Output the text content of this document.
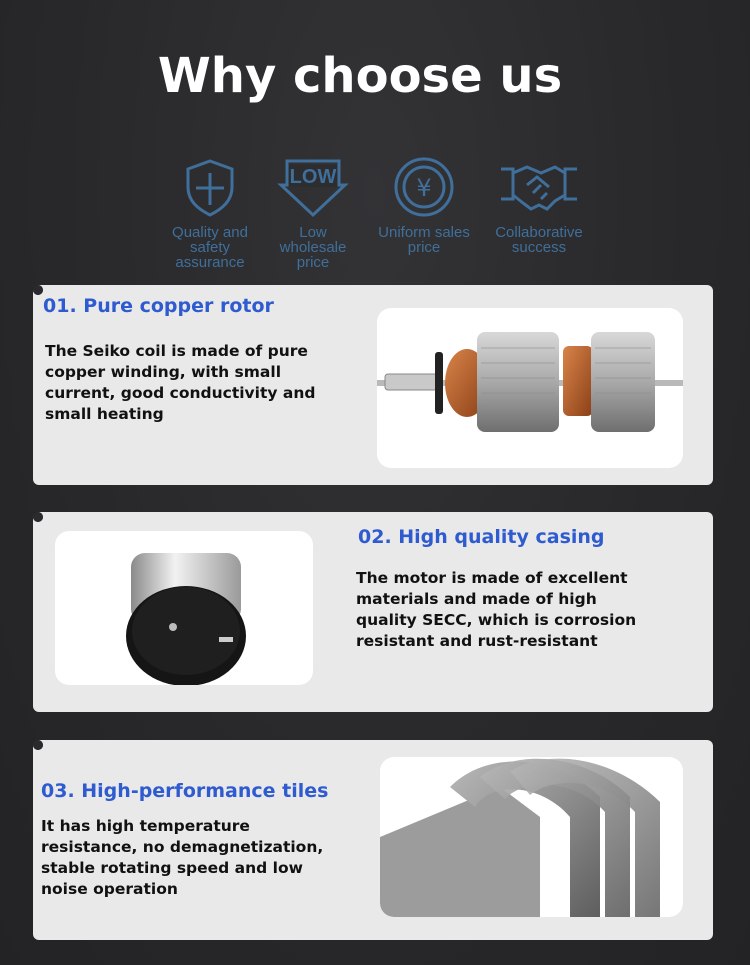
Why choose us
Quality and
safety
assurance
LOW
Low
wholesale
price
¥
Uniform sales
price
Collaborative
success
01. Pure copper rotor
The Seiko coil is made of pure
copper winding, with small
current, good conductivity and
small heating
02. High quality casing
The motor is made of excellent
materials and made of high
quality SECC, which is corrosion
resistant and rust-resistant
03. High-performance tiles
It has high temperature
resistance, no demagnetization,
stable rotating speed and low
noise operation
